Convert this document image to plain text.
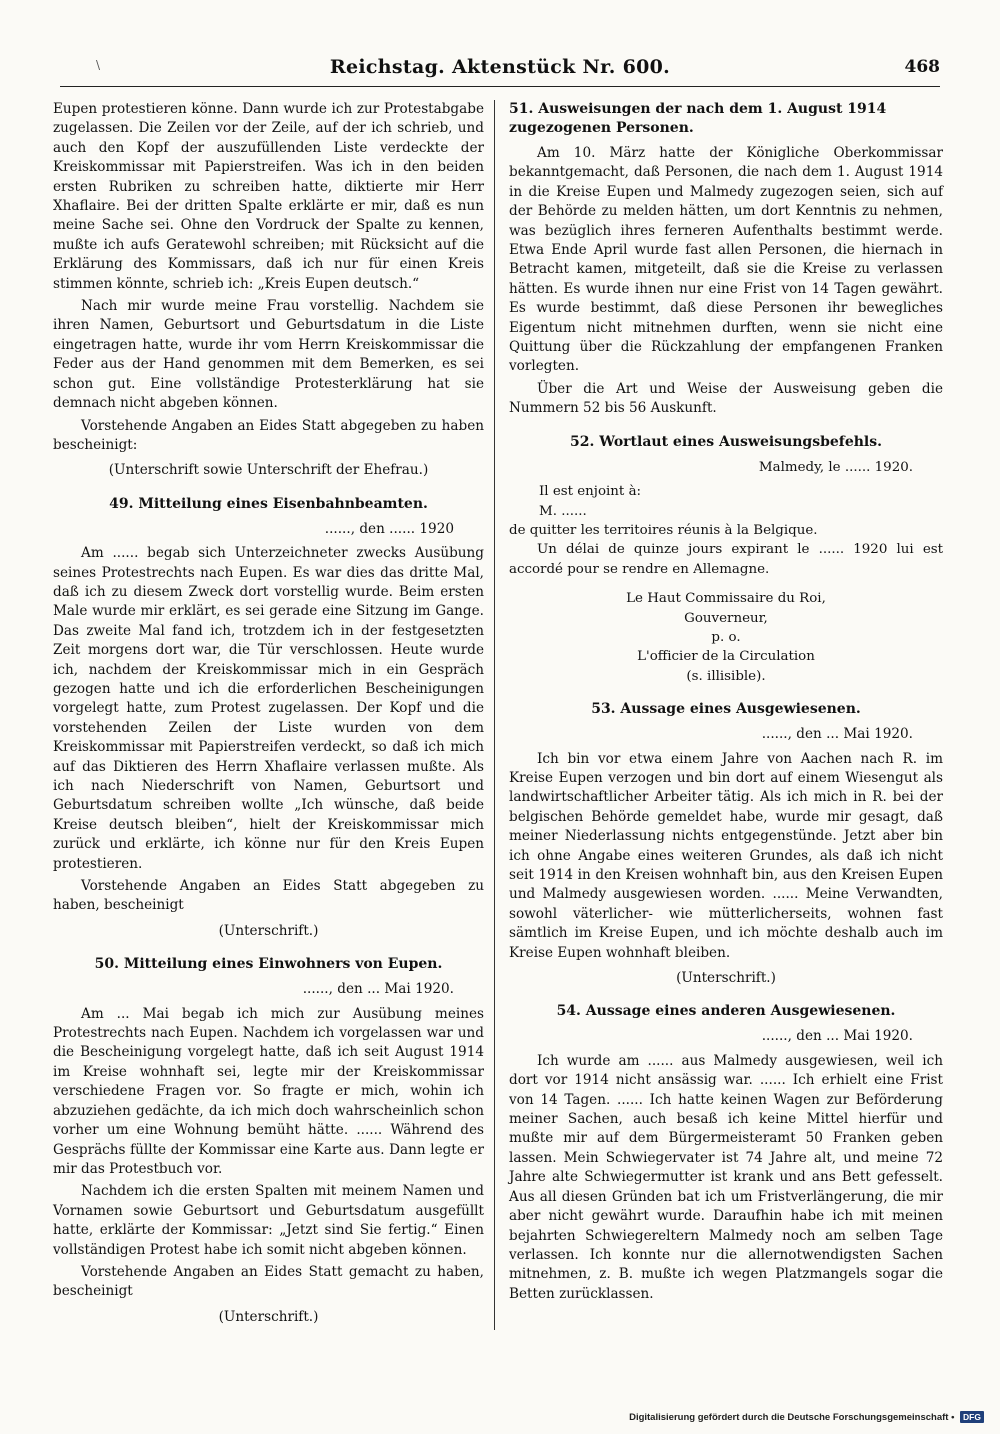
\	Reichstag. Aktenstück Nr. 600.	468

Eupen protestieren könne. Dann wurde ich zur Protestabgabe zugelassen. Die Zeilen vor der Zeile, auf der ich schrieb, und auch den Kopf der auszufüllenden Liste verdeckte der Kreiskommissar mit Papierstreifen. Was ich in den beiden ersten Rubriken zu schreiben hatte, diktierte mir Herr Xhaflaire. Bei der dritten Spalte erklärte er mir, daß es nun meine Sache sei. Ohne den Vordruck der Spalte zu kennen, mußte ich aufs Geratewohl schreiben; mit Rücksicht auf die Erklärung des Kommissars, daß ich nur für einen Kreis stimmen könnte, schrieb ich: „Kreis Eupen deutsch.“

Nach mir wurde meine Frau vorstellig. Nachdem sie ihren Namen, Geburtsort und Geburtsdatum in die Liste eingetragen hatte, wurde ihr vom Herrn Kreiskommissar die Feder aus der Hand genommen mit dem Bemerken, es sei schon gut. Eine vollständige Protesterklärung hat sie demnach nicht abgeben können.

Vorstehende Angaben an Eides Statt abgegeben zu haben bescheinigt:

(Unterschrift sowie Unterschrift der Ehefrau.)
49. Mitteilung eines Eisenbahnbeamten.
......, den ...... 1920

Am ...... begab sich Unterzeichneter zwecks Ausübung seines Protestrechts nach Eupen. Es war dies das dritte Mal, daß ich zu diesem Zweck dort vorstellig wurde. Beim ersten Male wurde mir erklärt, es sei gerade eine Sitzung im Gange. Das zweite Mal fand ich, trotzdem ich in der festgesetzten Zeit morgens dort war, die Tür verschlossen. Heute wurde ich, nachdem der Kreiskommissar mich in ein Gespräch gezogen hatte und ich die erforderlichen Bescheinigungen vorgelegt hatte, zum Protest zugelassen. Der Kopf und die vorstehenden Zeilen der Liste wurden von dem Kreiskommissar mit Papierstreifen verdeckt, so daß ich mich auf das Diktieren des Herrn Xhaflaire verlassen mußte. Als ich nach Niederschrift von Namen, Geburtsort und Geburtsdatum schreiben wollte „Ich wünsche, daß beide Kreise deutsch bleiben“, hielt der Kreiskommissar mich zurück und erklärte, ich könne nur für den Kreis Eupen protestieren.

Vorstehende Angaben an Eides Statt abgegeben zu haben, bescheinigt

(Unterschrift.)
50. Mitteilung eines Einwohners von Eupen.
......, den ... Mai 1920.

Am ... Mai begab ich mich zur Ausübung meines Protestrechts nach Eupen. Nachdem ich vorgelassen war und die Bescheinigung vorgelegt hatte, daß ich seit August 1914 im Kreise wohnhaft sei, legte mir der Kreiskommissar verschiedene Fragen vor. So fragte er mich, wohin ich abzuziehen gedächte, da ich mich doch wahrscheinlich schon vorher um eine Wohnung bemüht hätte. ...... Während des Gesprächs füllte der Kommissar eine Karte aus. Dann legte er mir das Protestbuch vor.

Nachdem ich die ersten Spalten mit meinem Namen und Vornamen sowie Geburtsort und Geburtsdatum ausgefüllt hatte, erklärte der Kommissar: „Jetzt sind Sie fertig.“ Einen vollständigen Protest habe ich somit nicht abgeben können.

Vorstehende Angaben an Eides Statt gemacht zu haben, bescheinigt

(Unterschrift.)
51. Ausweisungen der nach dem 1. August 1914 zugezogenen Personen.

Am 10. März hatte der Königliche Oberkommissar bekanntgemacht, daß Personen, die nach dem 1. August 1914 in die Kreise Eupen und Malmedy zugezogen seien, sich auf der Behörde zu melden hätten, um dort Kenntnis zu nehmen, was bezüglich ihres ferneren Aufenthalts bestimmt werde. Etwa Ende April wurde fast allen Personen, die hiernach in Betracht kamen, mitgeteilt, daß sie die Kreise zu verlassen hätten. Es wurde ihnen nur eine Frist von 14 Tagen gewährt. Es wurde bestimmt, daß diese Personen ihr bewegliches Eigentum nicht mitnehmen durften, wenn sie nicht eine Quittung über die Rückzahlung der empfangenen Franken vorlegten.

Über die Art und Weise der Ausweisung geben die Nummern 52 bis 56 Auskunft.

52. Wortlaut eines Ausweisungsbefehls.
Malmedy, le ...... 1920.
Il est enjoint à:
M. ......
de quitter les territoires réunis à la Belgique.

Un délai de quinze jours expirant le ...... 1920 lui est accordé pour se rendre en Allemagne.

Le Haut Commissaire du Roi,
Gouverneur,
p. o.
L'officier de la Circulation
(s. illisible).
53. Aussage eines Ausgewiesenen.
......, den ... Mai 1920.

Ich bin vor etwa einem Jahre von Aachen nach R. im Kreise Eupen verzogen und bin dort auf einem Wiesengut als landwirtschaftlicher Arbeiter tätig. Als ich mich in R. bei der belgischen Behörde gemeldet habe, wurde mir gesagt, daß meiner Niederlassung nichts entgegenstünde. Jetzt aber bin ich ohne Angabe eines weiteren Grundes, als daß ich nicht seit 1914 in den Kreisen wohnhaft bin, aus den Kreisen Eupen und Malmedy ausgewiesen worden. ...... Meine Verwandten, sowohl väterlicher- wie mütterlicherseits, wohnen fast sämtlich im Kreise Eupen, und ich möchte deshalb auch im Kreise Eupen wohnhaft bleiben.

(Unterschrift.)
54. Aussage eines anderen Ausgewiesenen.
......, den ... Mai 1920.

Ich wurde am ...... aus Malmedy ausgewiesen, weil ich dort vor 1914 nicht ansässig war. ...... Ich erhielt eine Frist von 14 Tagen. ...... Ich hatte keinen Wagen zur Beförderung meiner Sachen, auch besaß ich keine Mittel hierfür und mußte mir auf dem Bürgermeisteramt 50 Franken geben lassen. Mein Schwiegervater ist 74 Jahre alt, und meine 72 Jahre alte Schwiegermutter ist krank und ans Bett gefesselt. Aus all diesen Gründen bat ich um Fristverlängerung, die mir aber nicht gewährt wurde. Daraufhin habe ich mit meinen bejahrten Schwiegereltern Malmedy noch am selben Tage verlassen. Ich konnte nur die allernotwendigsten Sachen mitnehmen, z. B. mußte ich wegen Platzmangels sogar die Betten zurücklassen.

Digitalisierung gefördert durch die Deutsche Forschungsgemeinschaft • DFG
